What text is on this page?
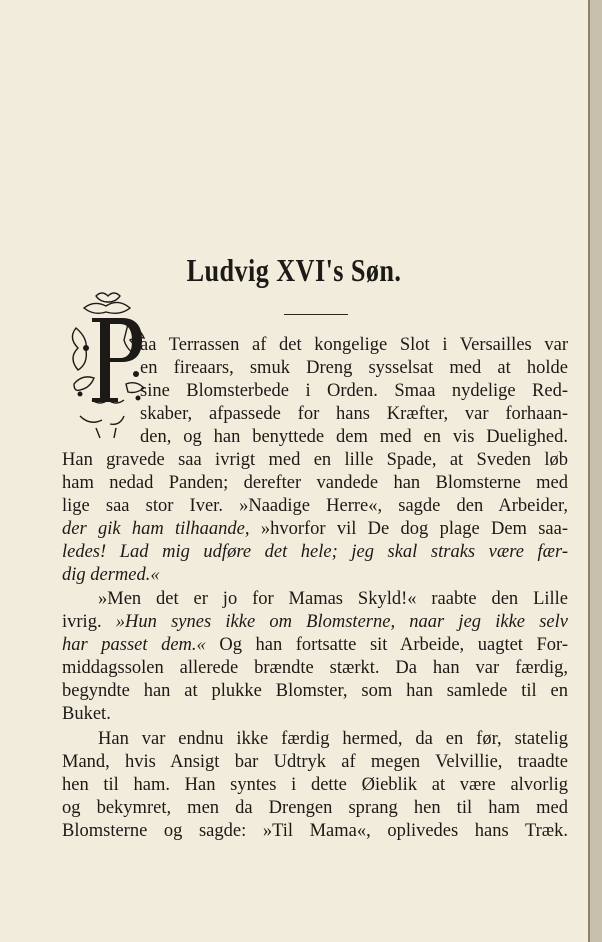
Ludvig XVI's Søn.
aa Terrassen af det kongelige Slot i Versailles var
en fireaars, smuk Dreng sysselsat med at holde
sine Blomsterbede i Orden. Smaa nydelige Red-
skaber, afpassede for hans Kræfter, var forhaan-
den, og han benyttede dem med en vis Duelighed.
Han gravede saa ivrigt med en lille Spade, at Sveden løb
ham nedad Panden; derefter vandede han Blomsterne med
lige saa stor Iver. »Naadige Herre«, sagde den Arbeider,
der gik ham tilhaande, »hvorfor vil De dog plage Dem saa-
ledes! Lad mig udføre det hele; jeg skal straks være fær-
dig dermed.«
»Men det er jo for Mamas Skyld!« raabte den Lille
ivrig. »Hun synes ikke om Blomsterne, naar jeg ikke selv
har passet dem.« Og han fortsatte sit Arbeide, uagtet For-
middagssolen allerede brændte stærkt. Da han var færdig,
begyndte han at plukke Blomster, som han samlede til en
Buket.
Han var endnu ikke færdig hermed, da en før, statelig
Mand, hvis Ansigt bar Udtryk af megen Velvillie, traadte
hen til ham. Han syntes i dette Øieblik at være alvorlig
og bekymret, men da Drengen sprang hen til ham med
Blomsterne og sagde: »Til Mama«, oplivedes hans Træk.
